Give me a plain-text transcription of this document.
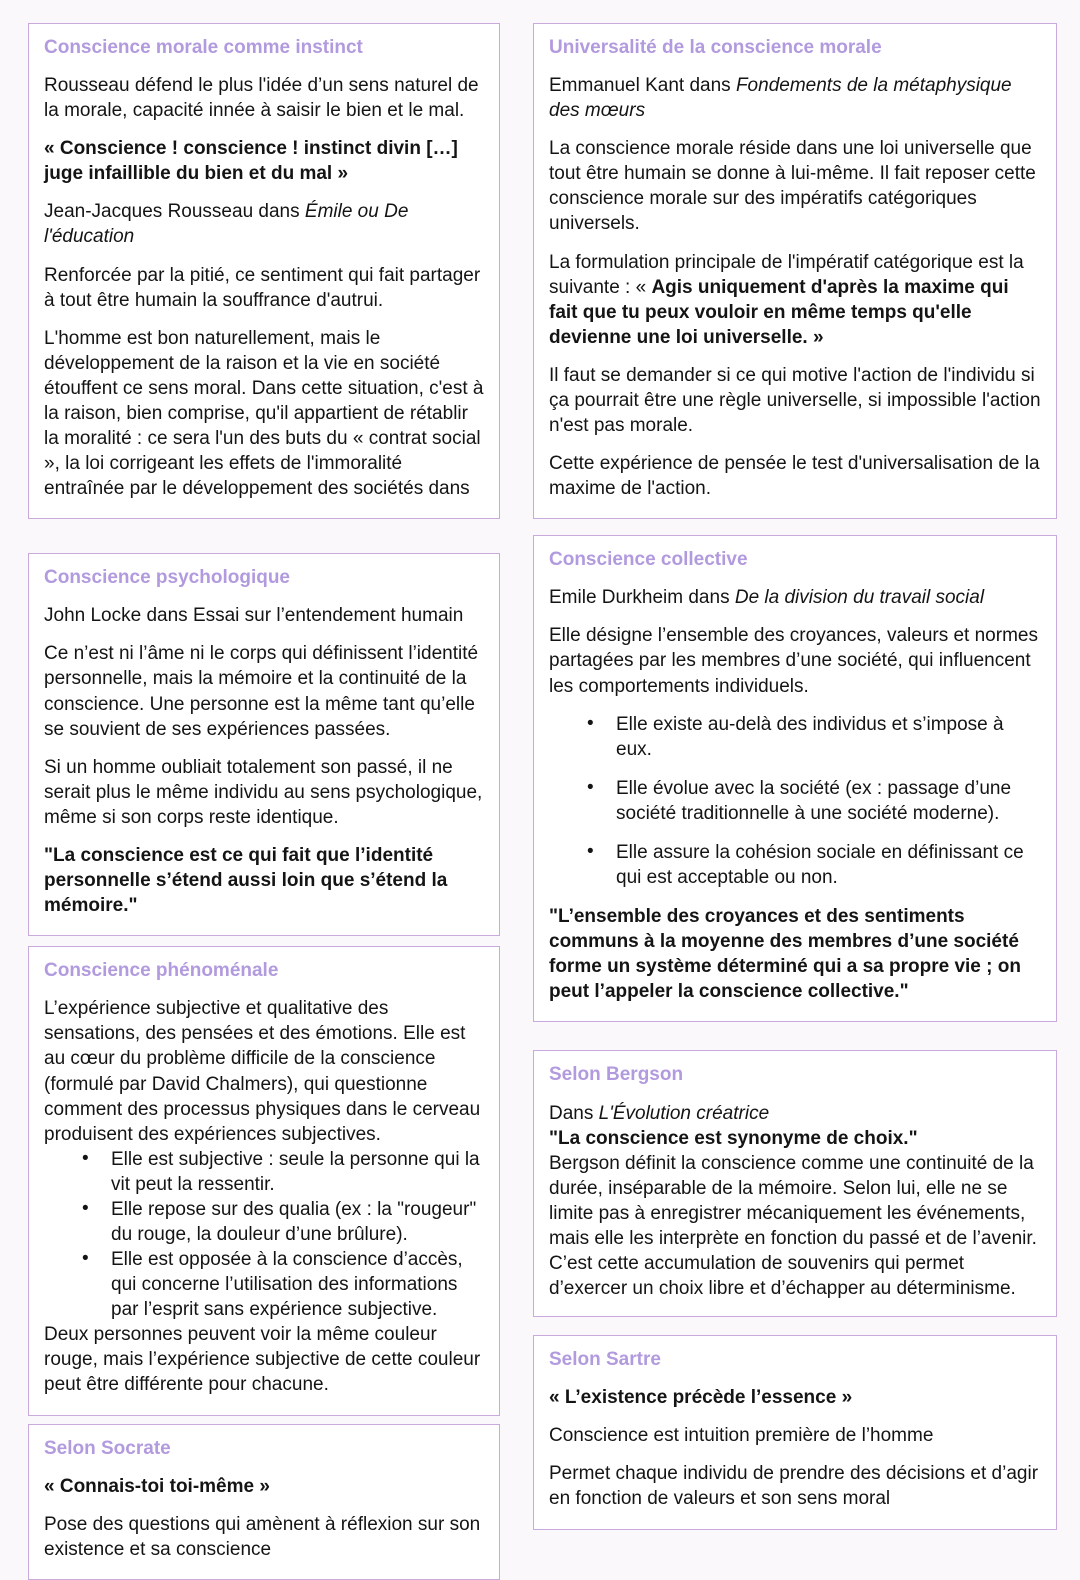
Conscience morale comme instinct

Rousseau défend le plus l'idée d’un sens naturel de la morale, capacité innée à saisir le bien et le mal.

« Conscience ! conscience ! instinct divin […] juge infaillible du bien et du mal »

Jean-Jacques Rousseau dans Émile ou De l'éducation

Renforcée par la pitié, ce sentiment qui fait partager à tout être humain la souffrance d'autrui.

L'homme est bon naturellement, mais le développement de la raison et la vie en société étouffent ce sens moral. Dans cette situation, c'est à la raison, bien comprise, qu'il appartient de rétablir la moralité : ce sera l'un des buts du « contrat social », la loi corrigeant les effets de l'immoralité entraînée par le développement des sociétés dans

Conscience psychologique

John Locke dans Essai sur l’entendement humain

Ce n’est ni l’âme ni le corps qui définissent l’identité personnelle, mais la mémoire et la continuité de la conscience. Une personne est la même tant qu’elle se souvient de ses expériences passées.

Si un homme oubliait totalement son passé, il ne serait plus le même individu au sens psychologique, même si son corps reste identique.

"La conscience est ce qui fait que l’identité personnelle s’étend aussi loin que s’étend la mémoire."

Conscience phénoménale

L’expérience subjective et qualitative des sensations, des pensées et des émotions. Elle est au cœur du problème difficile de la conscience (formulé par David Chalmers), qui questionne comment des processus physiques dans le cerveau produisent des expériences subjectives.

• Elle est subjective : seule la personne qui la vit peut la ressentir.
• Elle repose sur des qualia (ex : la "rougeur" du rouge, la douleur d’une brûlure).
• Elle est opposée à la conscience d’accès, qui concerne l’utilisation des informations par l’esprit sans expérience subjective.

Deux personnes peuvent voir la même couleur rouge, mais l’expérience subjective de cette couleur peut être différente pour chacune.

Selon Socrate

« Connais-toi toi-même »

Pose des questions qui amènent à réflexion sur son existence et sa conscience

Universalité de la conscience morale

Emmanuel Kant dans Fondements de la métaphysique des mœurs

La conscience morale réside dans une loi universelle que tout être humain se donne à lui-même. Il fait reposer cette conscience morale sur des impératifs catégoriques universels.

La formulation principale de l'impératif catégorique est la suivante : « Agis uniquement d'après la maxime qui fait que tu peux vouloir en même temps qu'elle devienne une loi universelle. »

Il faut se demander si ce qui motive l'action de l'individu si ça pourrait être une règle universelle, si impossible l'action n'est pas morale.

Cette expérience de pensée le test d'universalisation de la maxime de l'action.

Conscience collective

Emile Durkheim dans De la division du travail social

Elle désigne l’ensemble des croyances, valeurs et normes partagées par les membres d’une société, qui influencent les comportements individuels.

• Elle existe au-delà des individus et s’impose à eux.
• Elle évolue avec la société (ex : passage d’une société traditionnelle à une société moderne).
• Elle assure la cohésion sociale en définissant ce qui est acceptable ou non.

"L’ensemble des croyances et des sentiments communs à la moyenne des membres d’une société forme un système déterminé qui a sa propre vie ; on peut l’appeler la conscience collective."

Selon Bergson

Dans L'Évolution créatrice

"La conscience est synonyme de choix."

Bergson définit la conscience comme une continuité de la durée, inséparable de la mémoire. Selon lui, elle ne se limite pas à enregistrer mécaniquement les événements, mais elle les interprète en fonction du passé et de l’avenir. C’est cette accumulation de souvenirs qui permet d’exercer un choix libre et d’échapper au déterminisme.

Selon Sartre

« L’existence précède l’essence »

Conscience est intuition première de l’homme

Permet chaque individu de prendre des décisions et d’agir en fonction de valeurs et son sens moral
